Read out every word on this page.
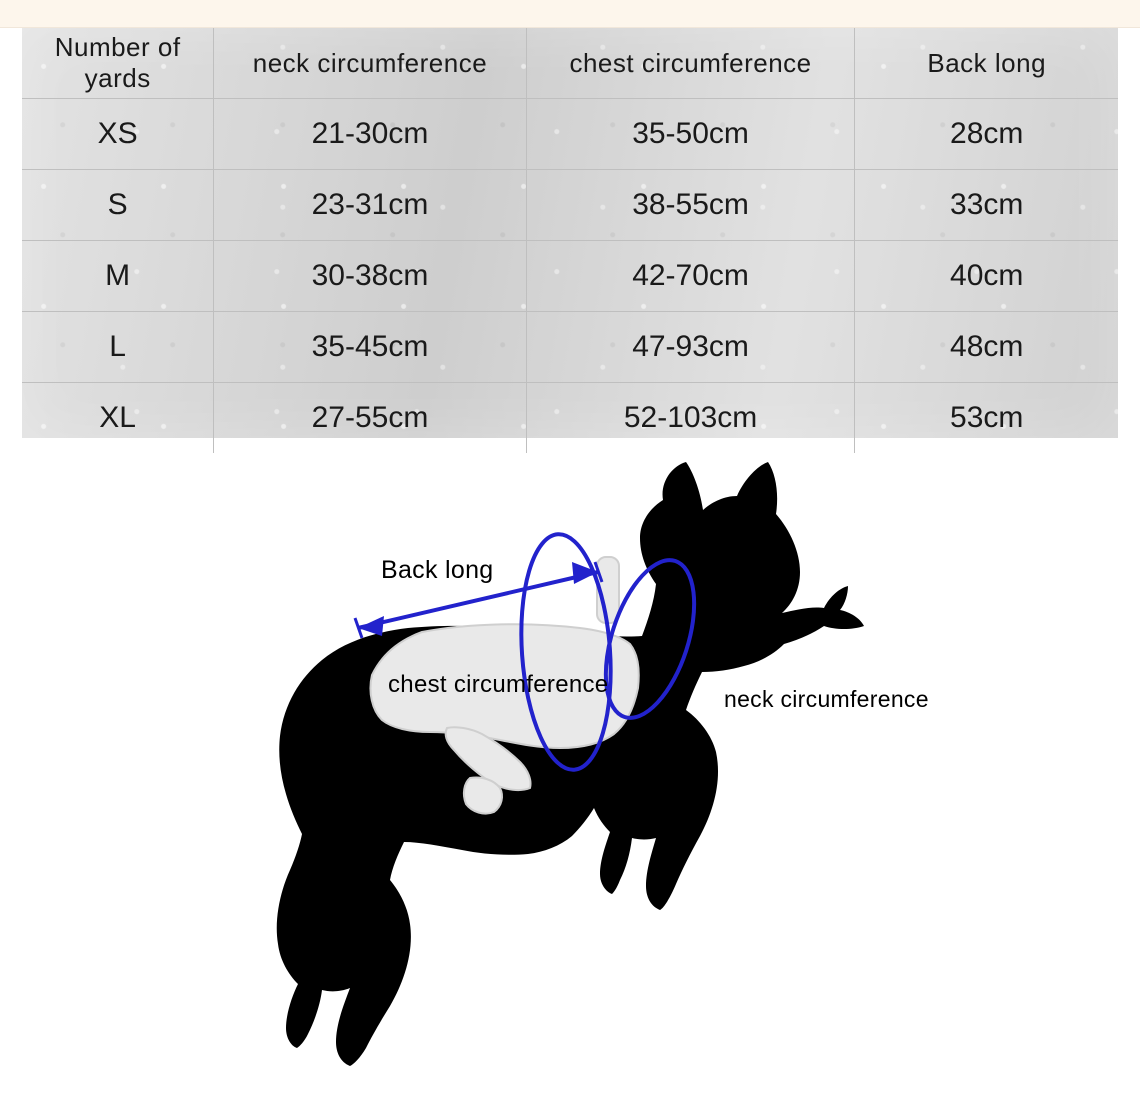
Number of yards	neck circumference	chest circumference	Back long
XS	21-30cm	35-50cm	28cm
S	23-31cm	38-55cm	33cm
M	30-38cm	42-70cm	40cm
L	35-45cm	47-93cm	48cm
XL	27-55cm	52-103cm	53cm
Back long
chest circumference
neck circumference
